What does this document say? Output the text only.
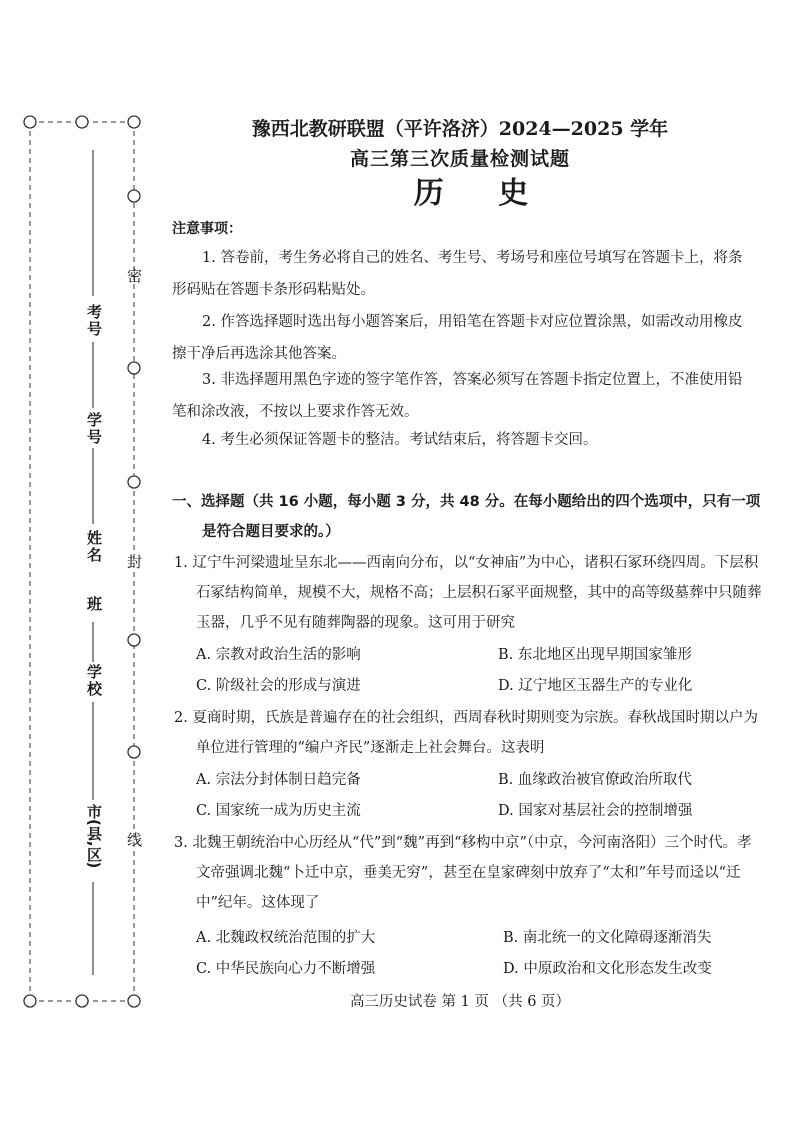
考号
学号
姓名
班
学校
市(县,区)
密
封
线
豫西北教研联盟（平许洛济）2024—2025 学年
高三第三次质量检测试题
历 史
注意事项：
1. 答卷前，考生务必将自己的姓名、考生号、考场号和座位号填写在答题卡上，将条形码贴在答题卡条形码粘贴处。
2. 作答选择题时选出每小题答案后，用铅笔在答题卡对应位置涂黑，如需改动用橡皮擦干净后再选涂其他答案。
3. 非选择题用黑色字迹的签字笔作答，答案必须写在答题卡指定位置上，不准使用铅笔和涂改液，不按以上要求作答无效。
4. 考生必须保证答题卡的整洁。考试结束后，将答题卡交回。
一、选择题（共 16 小题，每小题 3 分，共 48 分。在每小题给出的四个选项中，只有一项
是符合题目要求的。）
1. 辽宁牛河梁遗址呈东北——西南向分布，以“女神庙”为中心，诸积石冢环绕四周。下层积石冢结构简单，规模不大，规格不高；上层积石冢平面规整，其中的高等级墓葬中只随葬玉器，几乎不见有随葬陶器的现象。这可用于研究
A. 宗教对政治生活的影响	B. 东北地区出现早期国家雏形
C. 阶级社会的形成与演进	D. 辽宁地区玉器生产的专业化
2. 夏商时期，氏族是普遍存在的社会组织，西周春秋时期则变为宗族。春秋战国时期以户为单位进行管理的“编户齐民”逐渐走上社会舞台。这表明
A. 宗法分封体制日趋完备	B. 血缘政治被官僚政治所取代
C. 国家统一成为历史主流	D. 国家对基层社会的控制增强
3. 北魏王朝统治中心历经从“代”到“魏”再到“移构中京”（中京，今河南洛阳）三个时代。孝文帝强调北魏“卜迁中京，垂美无穷”，甚至在皇家碑刻中放弃了“太和”年号而迳以“迁中”纪年。这体现了
A. 北魏政权统治范围的扩大	B. 南北统一的文化障碍逐渐消失
C. 中华民族向心力不断增强	D. 中原政治和文化形态发生改变
高三历史试卷 第 1 页 （共 6 页）
